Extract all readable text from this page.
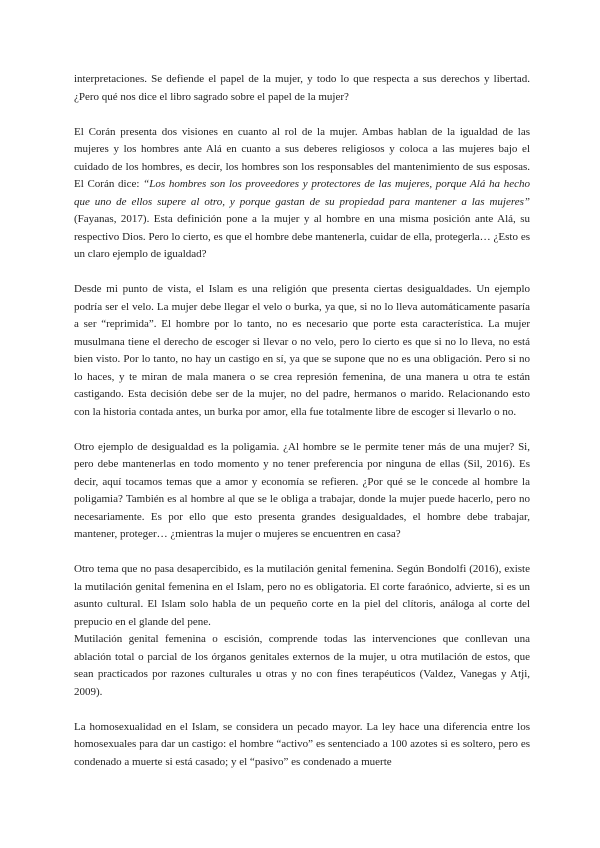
interpretaciones. Se defiende el papel de la mujer, y todo lo que respecta a sus derechos y libertad. ¿Pero qué nos dice el libro sagrado sobre el papel de la mujer?

El Corán presenta dos visiones en cuanto al rol de la mujer. Ambas hablan de la igualdad de las mujeres y los hombres ante Alá en cuanto a sus deberes religiosos y coloca a las mujeres bajo el cuidado de los hombres, es decir, los hombres son los responsables del mantenimiento de sus esposas. El Corán dice: “Los hombres son los proveedores y protectores de las mujeres, porque Alá ha hecho que uno de ellos supere al otro, y porque gastan de su propiedad para mantener a las mujeres” (Fayanas, 2017). Esta definición pone a la mujer y al hombre en una misma posición ante Alá, su respectivo Dios. Pero lo cierto, es que el hombre debe mantenerla, cuidar de ella, protegerla… ¿Esto es un claro ejemplo de igualdad?

Desde mi punto de vista, el Islam es una religión que presenta ciertas desigualdades. Un ejemplo podría ser el velo. La mujer debe llegar el velo o burka, ya que, si no lo lleva automáticamente pasaría a ser “reprimida”. El hombre por lo tanto, no es necesario que porte esta característica. La mujer musulmana tiene el derecho de escoger si llevar o no velo, pero lo cierto es que si no lo lleva, no está bien visto. Por lo tanto, no hay un castigo en sí, ya que se supone que no es una obligación. Pero si no lo haces, y te miran de mala manera o se crea represión femenina, de una manera u otra te están castigando. Esta decisión debe ser de la mujer, no del padre, hermanos o marido. Relacionando esto con la historia contada antes, un burka por amor, ella fue totalmente libre de escoger si llevarlo o no.

Otro ejemplo de desigualdad es la poligamia. ¿Al hombre se le permite tener más de una mujer? Si, pero debe mantenerlas en todo momento y no tener preferencia por ninguna de ellas (Sil, 2016). Es decir, aquí tocamos temas que a amor y economía se refieren. ¿Por qué se le concede al hombre la poligamia? También es al hombre al que se le obliga a trabajar, donde la mujer puede hacerlo, pero no necesariamente. Es por ello que esto presenta grandes desigualdades, el hombre debe trabajar, mantener, proteger… ¿mientras la mujer o mujeres se encuentren en casa?

Otro tema que no pasa desapercibido, es la mutilación genital femenina. Según Bondolfi (2016), existe la mutilación genital femenina en el Islam, pero no es obligatoria. El corte faraónico, advierte, si es un asunto cultural. El Islam solo habla de un pequeño corte en la piel del clítoris, análoga al corte del prepucio en el glande del pene.

Mutilación genital femenina o escisión, comprende todas las intervenciones que conllevan una ablación total o parcial de los órganos genitales externos de la mujer, u otra mutilación de estos, que sean practicados por razones culturales u otras y no con fines terapéuticos (Valdez, Vanegas y Atji, 2009).

La homosexualidad en el Islam, se considera un pecado mayor. La ley hace una diferencia entre los homosexuales para dar un castigo: el hombre “activo” es sentenciado a 100 azotes si es soltero, pero es condenado a muerte si está casado; y el “pasivo” es condenado a muerte
